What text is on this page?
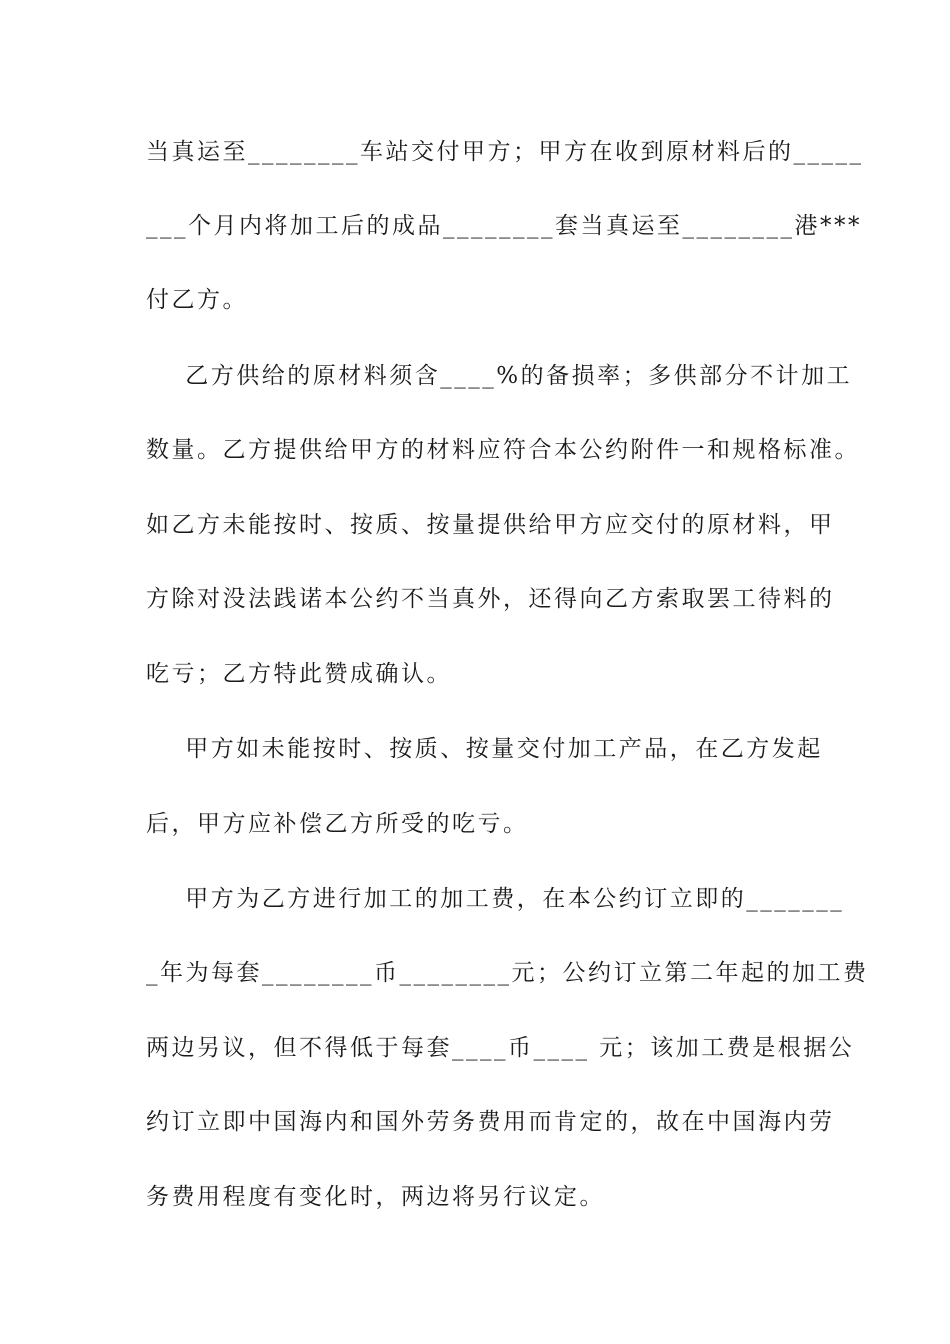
当真运至________车站交付甲方；甲方在收到原材料后的_____

___个月内将加工后的成品________套当真运至________港***

付乙方。

乙方供给的原材料须含____%的备损率；多供部分不计加工

数量。乙方提供给甲方的材料应符合本公约附件一和规格标准。

如乙方未能按时、按质、按量提供给甲方应交付的原材料，甲

方除对没法践诺本公约不当真外，还得向乙方索取罢工待料的

吃亏；乙方特此赞成确认。

甲方如未能按时、按质、按量交付加工产品，在乙方发起

后，甲方应补偿乙方所受的吃亏。

甲方为乙方进行加工的加工费，在本公约订立即的_______

_年为每套________币________元；公约订立第二年起的加工费

两边另议，但不得低于每套____币____ 元；该加工费是根据公

约订立即中国海内和国外劳务费用而肯定的，故在中国海内劳

务费用程度有变化时，两边将另行议定。
